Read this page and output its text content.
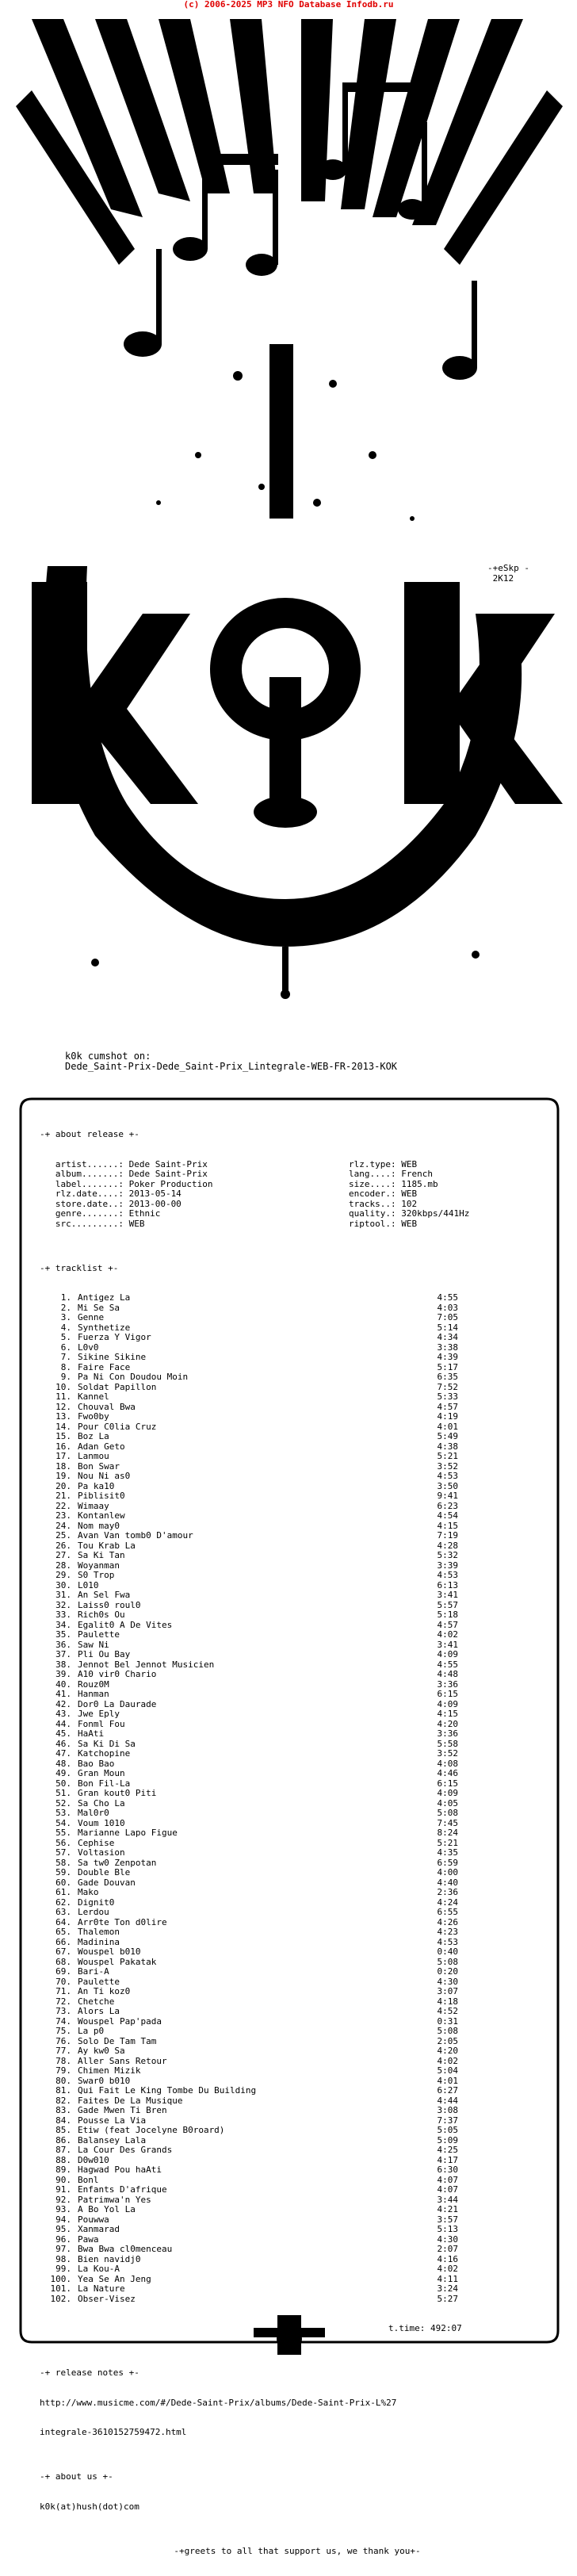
(c) 2006-2025 MP3 NFO Database Infodb.ru
-+eSkp -
2K12
k0k cumshot on:
Dede_Saint-Prix-Dede_Saint-Prix_Lintegrale-WEB-FR-2013-KOK

-+ about release +-

artist......: Dede Saint-Prix	rlz.type: WEB
album.......: Dede Saint-Prix	lang....: French
label.......: Poker Production	size....: 1185.mb
rlz.date....: 2013-05-14	encoder.: WEB
store.date..: 2013-00-00	tracks..: 102
genre.......: Ethnic	quality.: 320kbps/441Hz
src.........: WEB	riptool.: WEB

-+ tracklist +-

1. Antigez La	4:55
2. Mi Se Sa	4:03
3. Genne	7:05
4. Synthetize	5:14
5. Fuerza Y Vigor	4:34
6. L0v0	3:38
7. Sikine Sikine	4:39
8. Faire Face	5:17
9. Pa Ni Con Doudou Moin	6:35
10. Soldat Papillon	7:52
11. Kannel	5:33
12. Chouval Bwa	4:57
13. Fwo0by	4:19
14. Pour C0lia Cruz	4:01
15. Boz La	5:49
16. Adan Geto	4:38
17. Lanmou	5:21
18. Bon Swar	3:52
19. Nou Ni as0	4:53
20. Pa ka10	3:50
21. Piblisit0	9:41
22. Wimaay	6:23
23. Kontanlew	4:54
24. Nom may0	4:15
25. Avan Van tomb0 D'amour	7:19
26. Tou Krab La	4:28
27. Sa Ki Tan	5:32
28. Woyanman	3:39
29. S0 Trop	4:53
30. L010	6:13
31. An Sel Fwa	3:41
32. Laiss0 roul0	5:57
33. Rich0s Ou	5:18
34. Egalit0 A De Vites	4:57
35. Paulette	4:02
36. Saw Ni	3:41
37. Pli Ou Bay	4:09
38. Jennot Bel Jennot Musicien	4:55
39. A10 vir0 Chario	4:48
40. Rouz0M	3:36
41. Hanman	6:15
42. Dor0 La Daurade	4:09
43. Jwe Eply	4:15
44. Fonml Fou	4:20
45. HaAti	3:36
46. Sa Ki Di Sa	5:58
47. Katchopine	3:52
48. Bao Bao	4:08
49. Gran Moun	4:46
50. Bon Fil-La	6:15
51. Gran kout0 Piti	4:09
52. Sa Cho La	4:05
53. Mal0r0	5:08
54. Voum 1010	7:45
55. Marianne Lapo Figue	8:24
56. Cephise	5:21
57. Voltasion	4:35
58. Sa tw0 Zenpotan	6:59
59. Double Ble	4:00
60. Gade Douvan	4:40
61. Mako	2:36
62. Dignit0	4:24
63. Lerdou	6:55
64. Arr0te Ton d0lire	4:26
65. Thalemon	4:23
66. Madinina	4:53
67. Wouspel b010	0:40
68. Wouspel Pakatak	5:08
69. Bari-A	0:20
70. Paulette	4:30
71. An Ti koz0	3:07
72. Chetche	4:18
73. Alors La	4:52
74. Wouspel Pap'pada	0:31
75. La p0	5:08
76. Solo De Tam Tam	2:05
77. Ay kw0 Sa	4:20
78. Aller Sans Retour	4:02
79. Chimen Mizik	5:04
80. Swar0 b010	4:01
81. Qui Fait Le King Tombe Du Building	6:27
82. Faites De La Musique	4:44
83. Gade Mwen Ti Bren	3:08
84. Pousse La Via	7:37
85. Etiw (feat Jocelyne B0roard)	5:05
86. Balansey Lala	5:09
87. La Cour Des Grands	4:25
88. D0w010	4:17
89. Hagwad Pou haAti	6:30
90. Bonl	4:07
91. Enfants D'afrique	4:07
92. Patrimwa'n Yes	3:44
93. A Bo Yol La	4:21
94. Pouwwa	3:57
95. Xanmarad	5:13
96. Pawa	4:30
97. Bwa Bwa cl0menceau	2:07
98. Bien navidj0	4:16
99. La Kou-A	4:02
100. Yea Se An Jeng	4:11
101. La Nature	3:24
102. Obser-Visez	5:27

t.time: 492:07

-+ release notes +-

http://www.musicme.com/#/Dede-Saint-Prix/albums/Dede-Saint-Prix-L%27

integrale-3610152759472.html

-+ about us +-

k0k(at)hush(dot)com

-+greets to all that support us, we thank you+-
